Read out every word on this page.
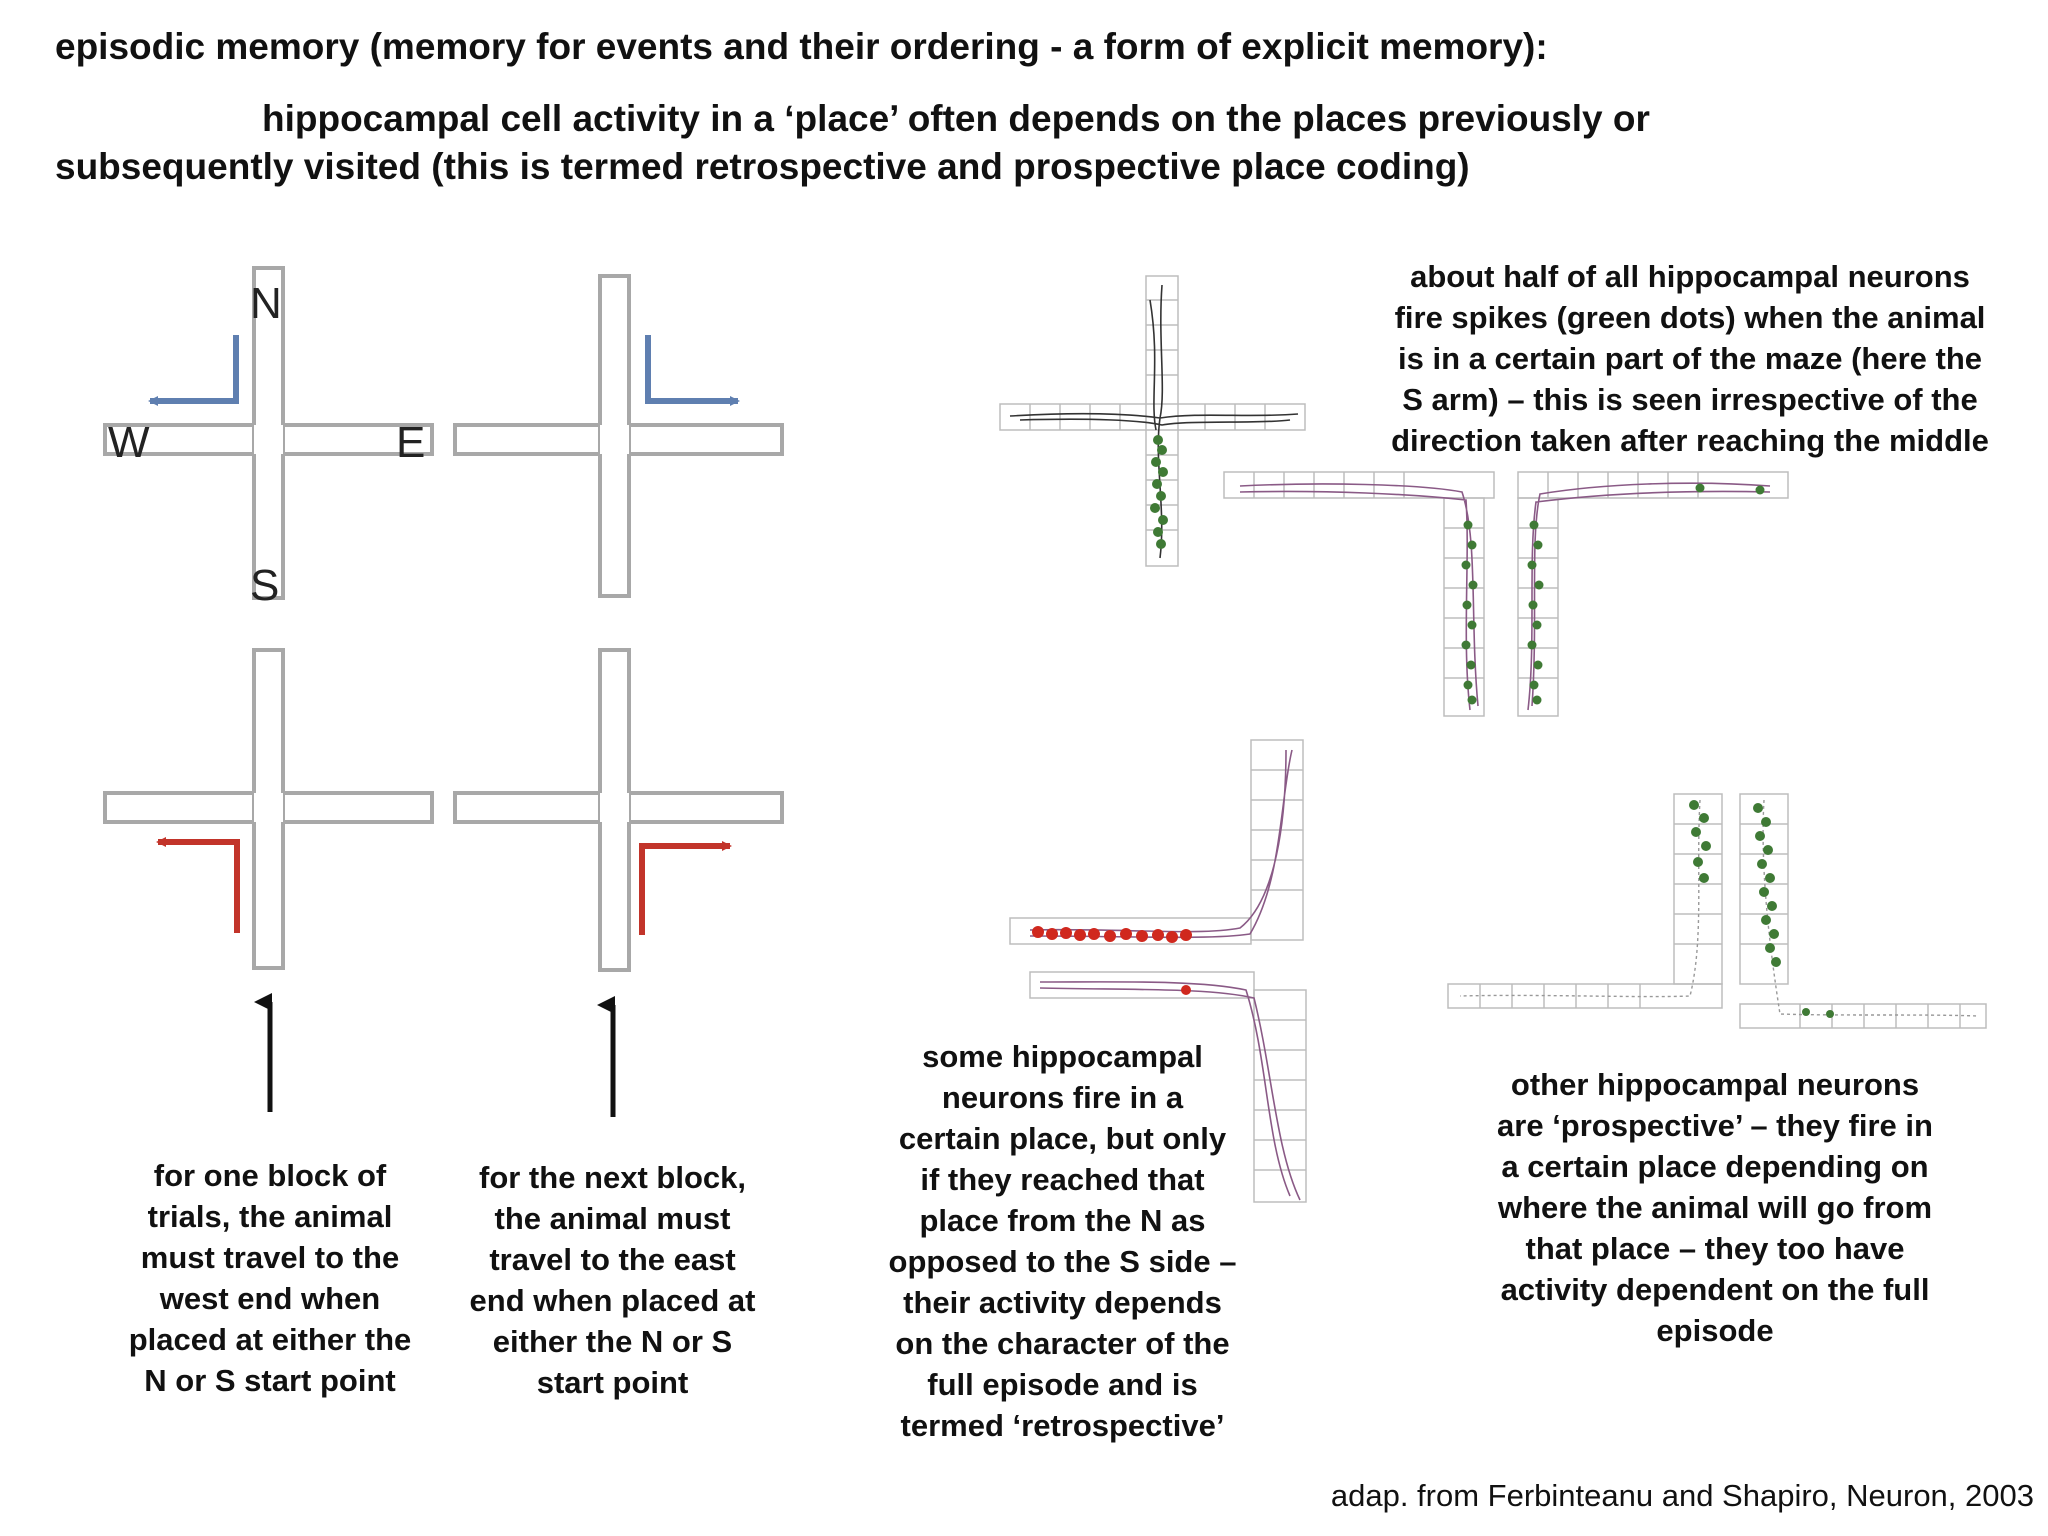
episodic memory (memory for events and their ordering - a form of explicit memory):
hippocampal cell activity in a ‘place’ often depends on the places previously or
subsequently visited (this is termed retrospective and prospective place coding)
N
W	E
S
for one block of
trials, the animal
must travel to the
west end when
placed at either the
N or S start point
for the next block,
the animal must
travel to the east
end when placed at
either the N or S
start point
about half of all hippocampal neurons
fire spikes (green dots) when the animal
is in a certain part of the maze (here the
S arm) – this is seen irrespective of the
direction taken after reaching the middle
some hippocampal
neurons fire in a
certain place, but only
if they reached that
place from the N as
opposed to the S side –
their activity depends
on the character of the
full episode and is
termed ‘retrospective’
other hippocampal neurons
are ‘prospective’ – they fire in
a certain place depending on
where the animal will go from
that place – they too have
activity dependent on the full
episode
adap. from Ferbinteanu and Shapiro, Neuron, 2003
